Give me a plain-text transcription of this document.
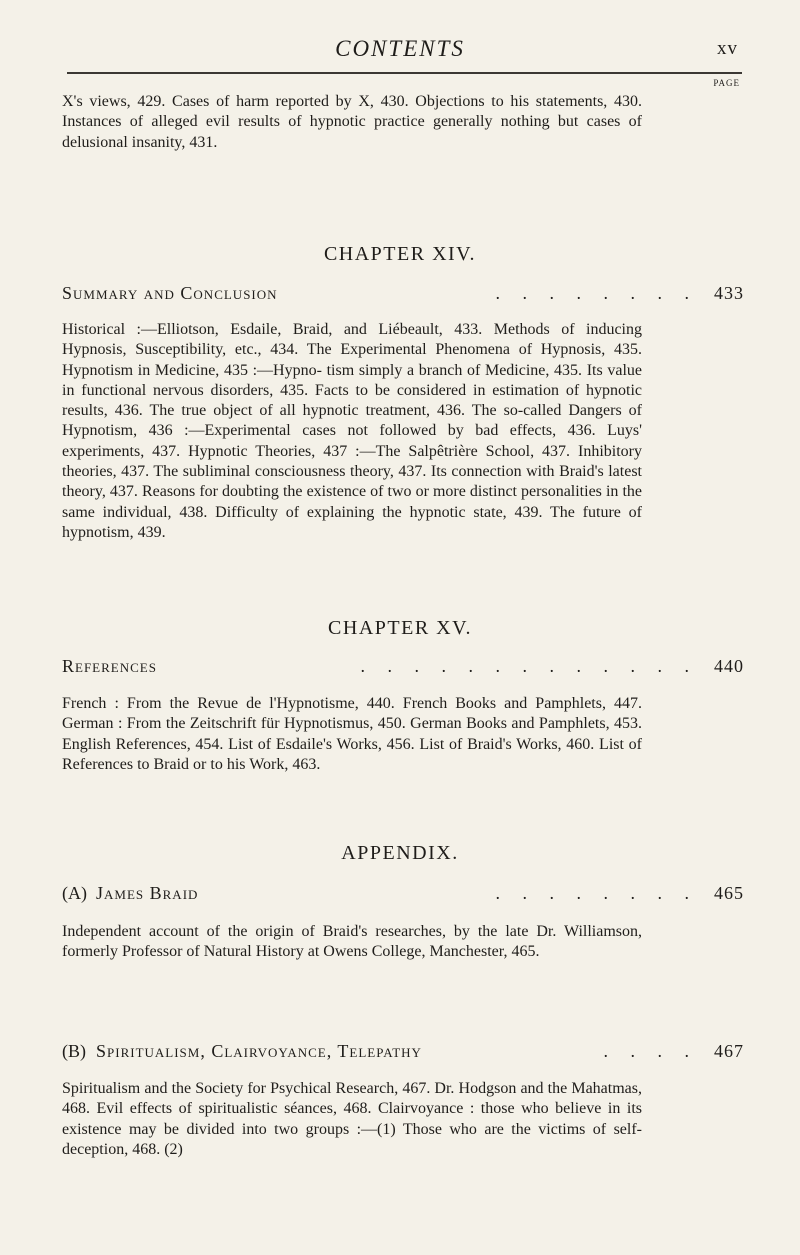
CONTENTS	xv
PAGE
X's views, 429. Cases of harm reported by X, 430. Objections to his statements, 430. Instances of alleged evil results of hypnotic practice generally nothing but cases of delusional insanity, 431.
CHAPTER XIV.
Summary and Conclusion	. . . . . . . . 433
Historical :—Elliotson, Esdaile, Braid, and Liébeault, 433. Methods of inducing Hypnosis, Susceptibility, etc., 434. The Experimental Phenomena of Hypnosis, 435. Hypnotism in Medicine, 435 :—Hypno- tism simply a branch of Medicine, 435. Its value in functional nervous disorders, 435. Facts to be considered in estimation of hypnotic results, 436. The true object of all hypnotic treatment, 436. The so-called Dangers of Hypnotism, 436 :—Experimental cases not followed by bad effects, 436. Luys' experiments, 437. Hypnotic Theories, 437 :—The Salpêtrière School, 437. Inhibitory theories, 437. The subliminal consciousness theory, 437. Its connection with Braid's latest theory, 437. Reasons for doubting the existence of two or more distinct personalities in the same individual, 438. Difficulty of explaining the hypnotic state, 439. The future of hypnotism, 439.
CHAPTER XV.
References	. . . . . . . . . . . . . 440
French : From the Revue de l'Hypnotisme, 440. French Books and Pamphlets, 447. German : From the Zeitschrift für Hypnotismus, 450. German Books and Pamphlets, 453. English References, 454. List of Esdaile's Works, 456. List of Braid's Works, 460. List of References to Braid or to his Work, 463.
APPENDIX.
(A) James Braid	. . . . . . . . 465
Independent account of the origin of Braid's researches, by the late Dr. Williamson, formerly Professor of Natural History at Owens College, Manchester, 465.
(B) Spiritualism, Clairvoyance, Telepathy	. . . . 467
Spiritualism and the Society for Psychical Research, 467. Dr. Hodgson and the Mahatmas, 468. Evil effects of spiritualistic séances, 468. Clairvoyance : those who believe in its existence may be divided into two groups :—(1) Those who are the victims of self-deception, 468. (2)
